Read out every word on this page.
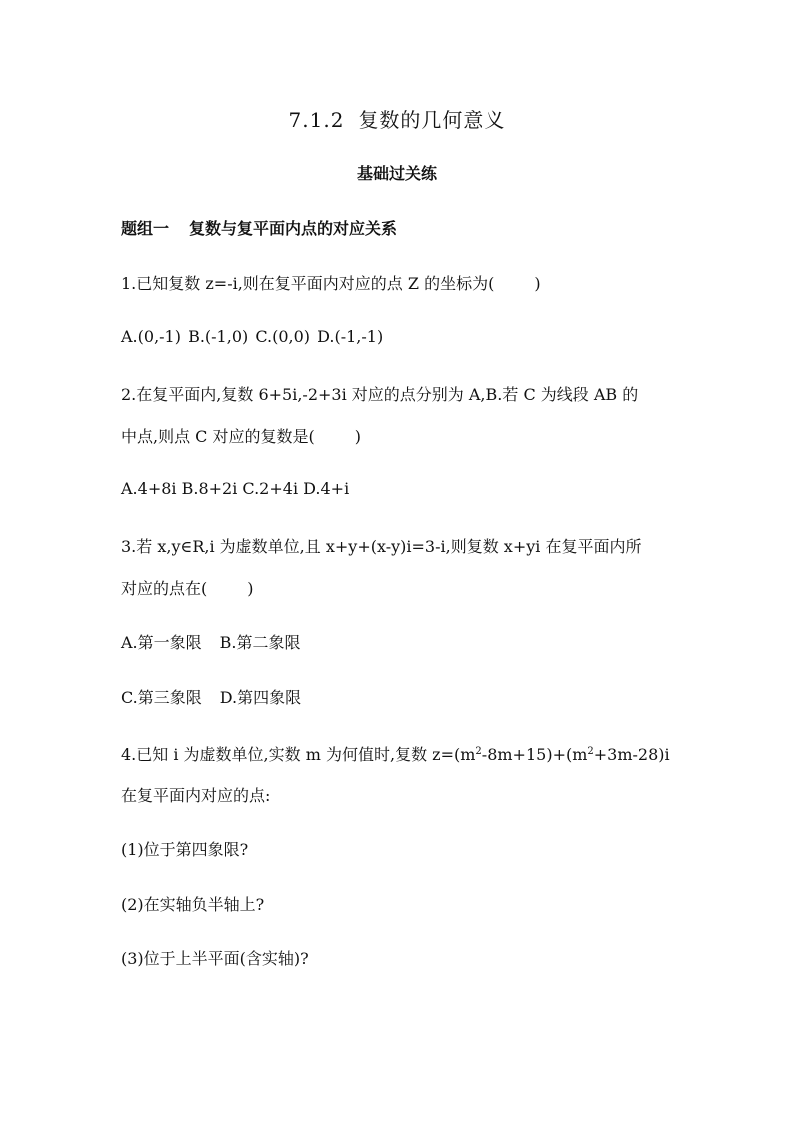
7.1.2 复数的几何意义
基础过关练
题组一 复数与复平面内点的对应关系
1.已知复数 z=-i,则在复平面内对应的点 Z 的坐标为(	)
A.(0,-1) B.(-1,0) C.(0,0) D.(-1,-1)
2.在复平面内,复数 6+5i,-2+3i 对应的点分别为 A,B.若 C 为线段 AB 的
中点,则点 C 对应的复数是(	)
A.4+8i B.8+2i C.2+4i D.4+i
3.若 x,y∈R,i 为虚数单位,且 x+y+(x-y)i=3-i,则复数 x+yi 在复平面内所
对应的点在(	)
A.第一象限 B.第二象限
C.第三象限 D.第四象限
4.已知 i 为虚数单位,实数 m 为何值时,复数 $z=(m^2-8m+15)+(m^2+3m-28)i$
在复平面内对应的点:
(1)位于第四象限?
(2)在实轴负半轴上?
(3)位于上半平面(含实轴)?
